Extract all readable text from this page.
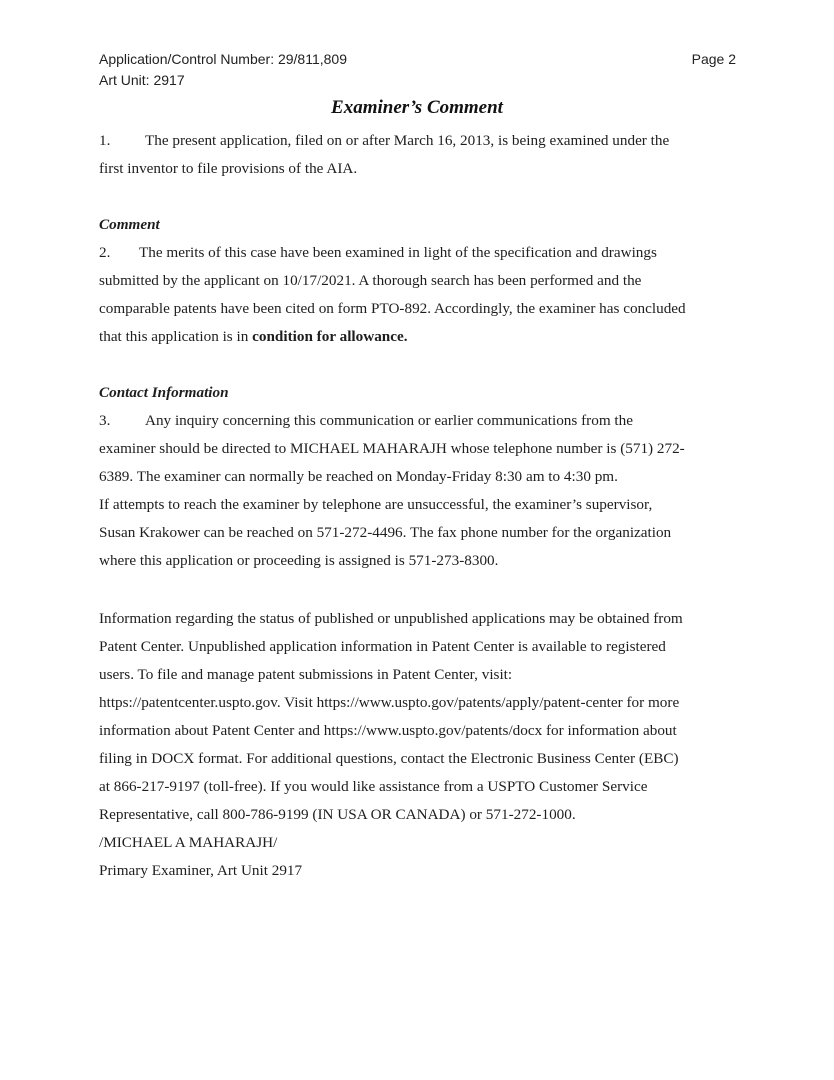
Application/Control Number: 29/811,809
Art Unit: 2917
Page 2
Examiner’s Comment
1. The present application, filed on or after March 16, 2013, is being examined under the
first inventor to file provisions of the AIA.
Comment
2. The merits of this case have been examined in light of the specification and drawings
submitted by the applicant on 10/17/2021. A thorough search has been performed and the
comparable patents have been cited on form PTO-892. Accordingly, the examiner has concluded
that this application is in condition for allowance.
Contact Information
3. Any inquiry concerning this communication or earlier communications from the
examiner should be directed to MICHAEL MAHARAJH whose telephone number is (571) 272-
6389. The examiner can normally be reached on Monday-Friday 8:30 am to 4:30 pm.
If attempts to reach the examiner by telephone are unsuccessful, the examiner’s supervisor,
Susan Krakower can be reached on 571-272-4496. The fax phone number for the organization
where this application or proceeding is assigned is 571-273-8300.
Information regarding the status of published or unpublished applications may be obtained from
Patent Center. Unpublished application information in Patent Center is available to registered
users. To file and manage patent submissions in Patent Center, visit:
https://patentcenter.uspto.gov. Visit https://www.uspto.gov/patents/apply/patent-center for more
information about Patent Center and https://www.uspto.gov/patents/docx for information about
filing in DOCX format. For additional questions, contact the Electronic Business Center (EBC)
at 866-217-9197 (toll-free). If you would like assistance from a USPTO Customer Service
Representative, call 800-786-9199 (IN USA OR CANADA) or 571-272-1000.
/MICHAEL A MAHARAJH/
Primary Examiner, Art Unit 2917
